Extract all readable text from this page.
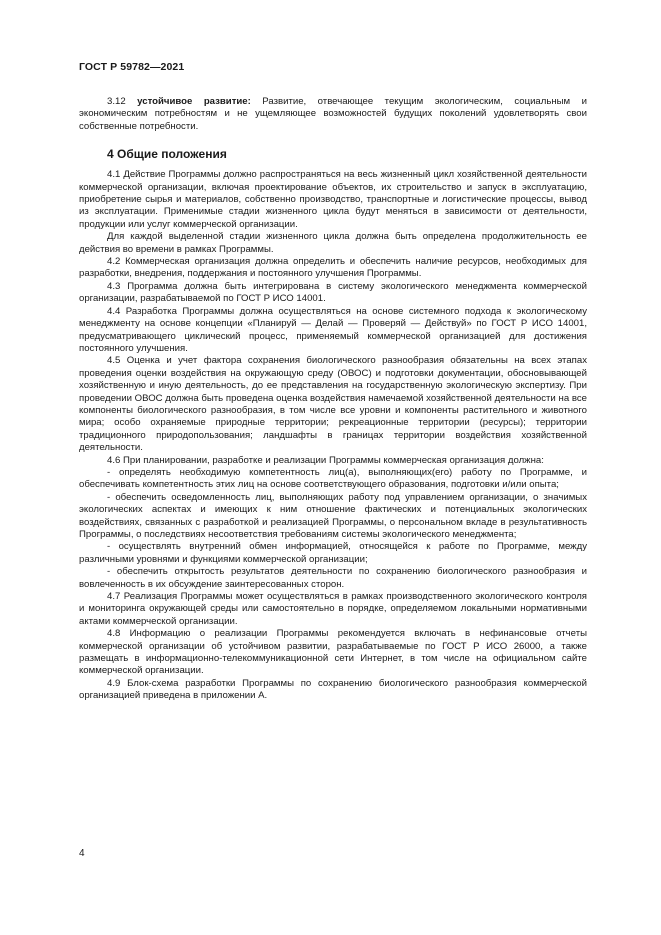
ГОСТ Р 59782—2021

3.12 устойчивое развитие: Развитие, отвечающее текущим экологическим, социальным и экономическим потребностям и не ущемляющее возможностей будущих поколений удовлетворять свои собственные потребности.

4 Общие положения

4.1 Действие Программы должно распространяться на весь жизненный цикл хозяйственной деятельности коммерческой организации, включая проектирование объектов, их строительство и запуск в эксплуатацию, приобретение сырья и материалов, собственно производство, транспортные и логистические процессы, вывод из эксплуатации. Применимые стадии жизненного цикла будут меняться в зависимости от деятельности, продукции или услуг коммерческой организации.

Для каждой выделенной стадии жизненного цикла должна быть определена продолжительность ее действия во времени в рамках Программы.

4.2 Коммерческая организация должна определить и обеспечить наличие ресурсов, необходимых для разработки, внедрения, поддержания и постоянного улучшения Программы.

4.3 Программа должна быть интегрирована в систему экологического менеджмента коммерческой организации, разрабатываемой по ГОСТ Р ИСО 14001.

4.4 Разработка Программы должна осуществляться на основе системного подхода к экологическому менеджменту на основе концепции «Планируй — Делай — Проверяй — Действуй» по ГОСТ Р ИСО 14001, предусматривающего циклический процесс, применяемый коммерческой организацией для достижения постоянного улучшения.

4.5 Оценка и учет фактора сохранения биологического разнообразия обязательны на всех этапах проведения оценки воздействия на окружающую среду (ОВОС) и подготовки документации, обосновывающей хозяйственную и иную деятельность, до ее представления на государственную экологическую экспертизу. При проведении ОВОС должна быть проведена оценка воздействия намечаемой хозяйственной деятельности на все компоненты биологического разнообразия, в том числе все уровни и компоненты растительного и животного мира; особо охраняемые природные территории; рекреационные территории (ресурсы); территории традиционного природопользования; ландшафты в границах территории воздействия хозяйственной деятельности.

4.6 При планировании, разработке и реализации Программы коммерческая организация должна:

- определять необходимую компетентность лиц(а), выполняющих(его) работу по Программе, и обеспечивать компетентность этих лиц на основе соответствующего образования, подготовки и/или опыта;

- обеспечить осведомленность лиц, выполняющих работу под управлением организации, о значимых экологических аспектах и имеющих к ним отношение фактических и потенциальных экологических воздействиях, связанных с разработкой и реализацией Программы, о персональном вкладе в результативность Программы, о последствиях несоответствия требованиям системы экологического менеджмента;

- осуществлять внутренний обмен информацией, относящейся к работе по Программе, между различными уровнями и функциями коммерческой организации;

- обеспечить открытость результатов деятельности по сохранению биологического разнообразия и вовлеченность в их обсуждение заинтересованных сторон.

4.7 Реализация Программы может осуществляться в рамках производственного экологического контроля и мониторинга окружающей среды или самостоятельно в порядке, определяемом локальными нормативными актами коммерческой организации.

4.8 Информацию о реализации Программы рекомендуется включать в нефинансовые отчеты коммерческой организации об устойчивом развитии, разрабатываемые по ГОСТ Р ИСО 26000, а также размещать в информационно-телекоммуникационной сети Интернет, в том числе на официальном сайте коммерческой организации.

4.9 Блок-схема разработки Программы по сохранению биологического разнообразия коммерческой организацией приведена в приложении А.

4
